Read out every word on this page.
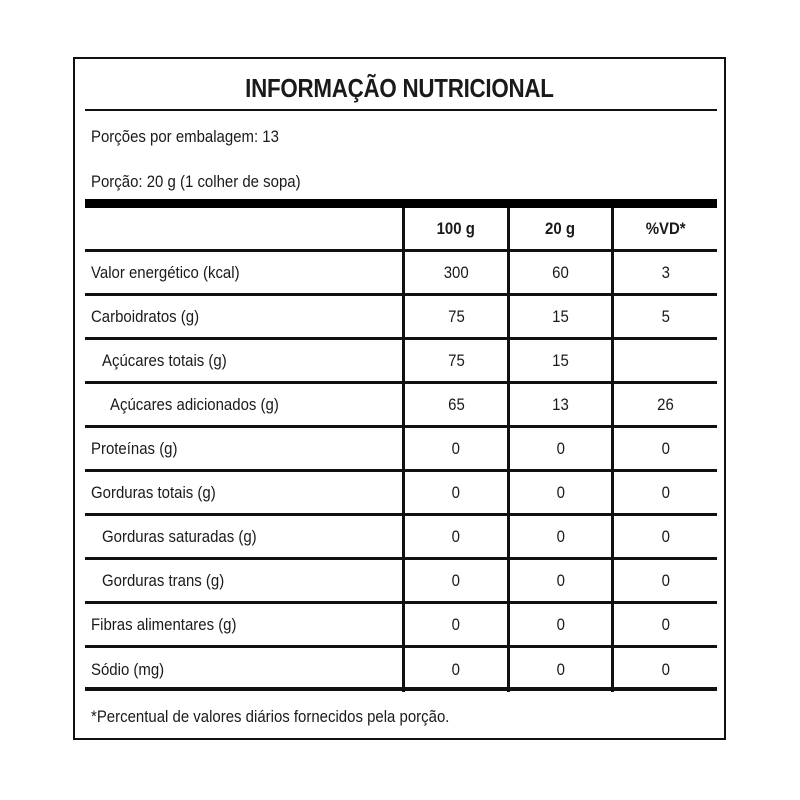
INFORMAÇÃO NUTRICIONAL
Porções por embalagem: 13
Porção: 20 g (1 colher de sopa)
100 g	20 g	%VD*
Valor energético (kcal)	300	60	3
Carboidratos (g)	75	15	5
Açúcares totais (g)	75	15
Açúcares adicionados (g)	65	13	26
Proteínas (g)	0	0	0
Gorduras totais (g)	0	0	0
Gorduras saturadas (g)	0	0	0
Gorduras trans (g)	0	0	0
Fibras alimentares (g)	0	0	0
Sódio (mg)	0	0	0
*Percentual de valores diários fornecidos pela porção.
